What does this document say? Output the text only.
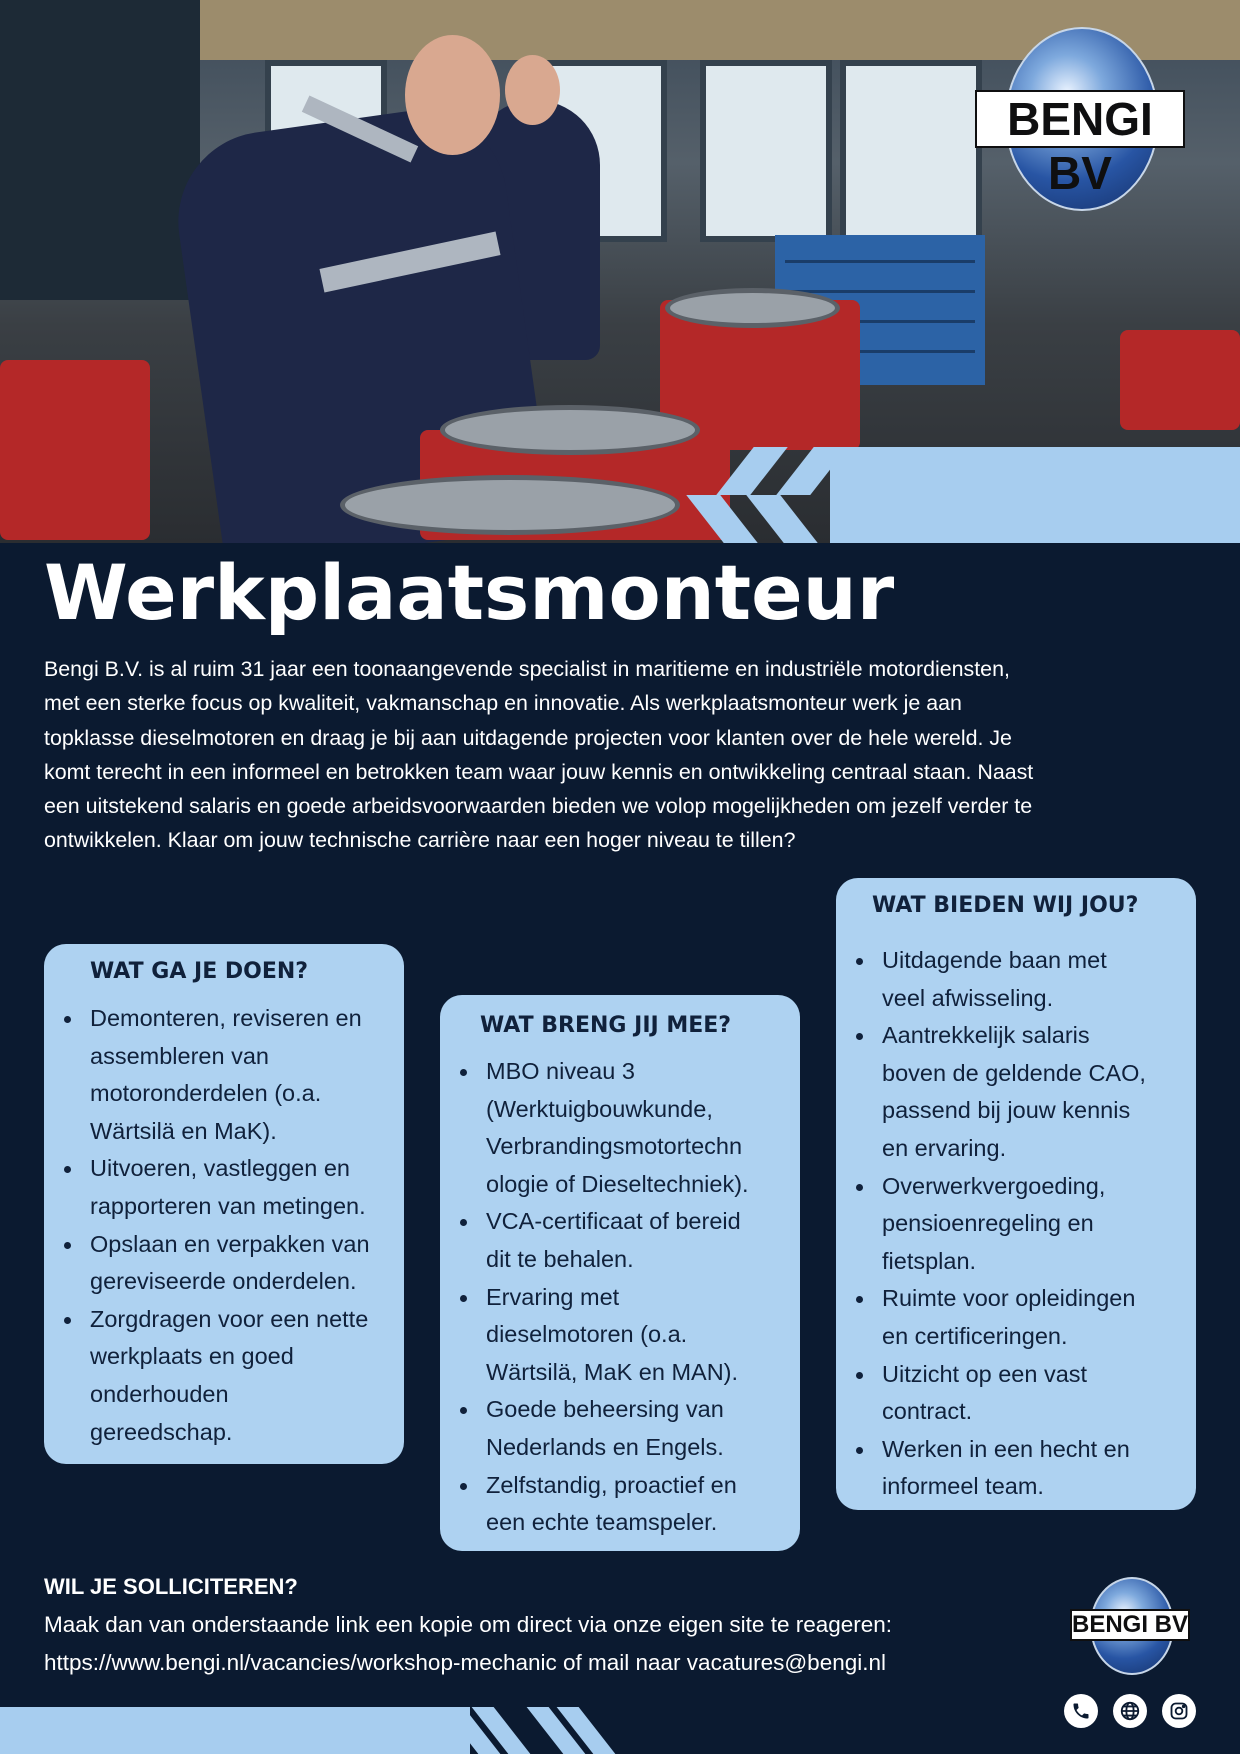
BENGI BV
Werkplaatsmonteur
Bengi B.V. is al ruim 31 jaar een toonaangevende specialist in maritieme en industriële motordiensten,
met een sterke focus op kwaliteit, vakmanschap en innovatie. Als werkplaatsmonteur werk je aan
topklasse dieselmotoren en draag je bij aan uitdagende projecten voor klanten over de hele wereld. Je
komt terecht in een informeel en betrokken team waar jouw kennis en ontwikkeling centraal staan. Naast
een uitstekend salaris en goede arbeidsvoorwaarden bieden we volop mogelijkheden om jezelf verder te
ontwikkelen. Klaar om jouw technische carrière naar een hoger niveau te tillen?
WAT GA JE DOEN?
Demonteren, reviseren en
assembleren van
motoronderdelen (o.a.
Wärtsilä en MaK).
Uitvoeren, vastleggen en
rapporteren van metingen.
Opslaan en verpakken van
gereviseerde onderdelen.
Zorgdragen voor een nette
werkplaats en goed
onderhouden
gereedschap.
WAT BRENG JIJ MEE?
MBO niveau 3
(Werktuigbouwkunde,
Verbrandingsmotortechn
ologie of Dieseltechniek).
VCA-certificaat of bereid
dit te behalen.
Ervaring met
dieselmotoren (o.a.
Wärtsilä, MaK en MAN).
Goede beheersing van
Nederlands en Engels.
Zelfstandig, proactief en
een echte teamspeler.
WAT BIEDEN WIJ JOU?
Uitdagende baan met
veel afwisseling.
Aantrekkelijk salaris
boven de geldende CAO,
passend bij jouw kennis
en ervaring.
Overwerkvergoeding,
pensioenregeling en
fietsplan.
Ruimte voor opleidingen
en certificeringen.
Uitzicht op een vast
contract.
Werken in een hecht en
informeel team.
WIL JE SOLLICITEREN?
Maak dan van onderstaande link een kopie om direct via onze eigen site te reageren:
https://www.bengi.nl/vacancies/workshop-mechanic of mail naar vacatures@bengi.nl
BENGI BV
